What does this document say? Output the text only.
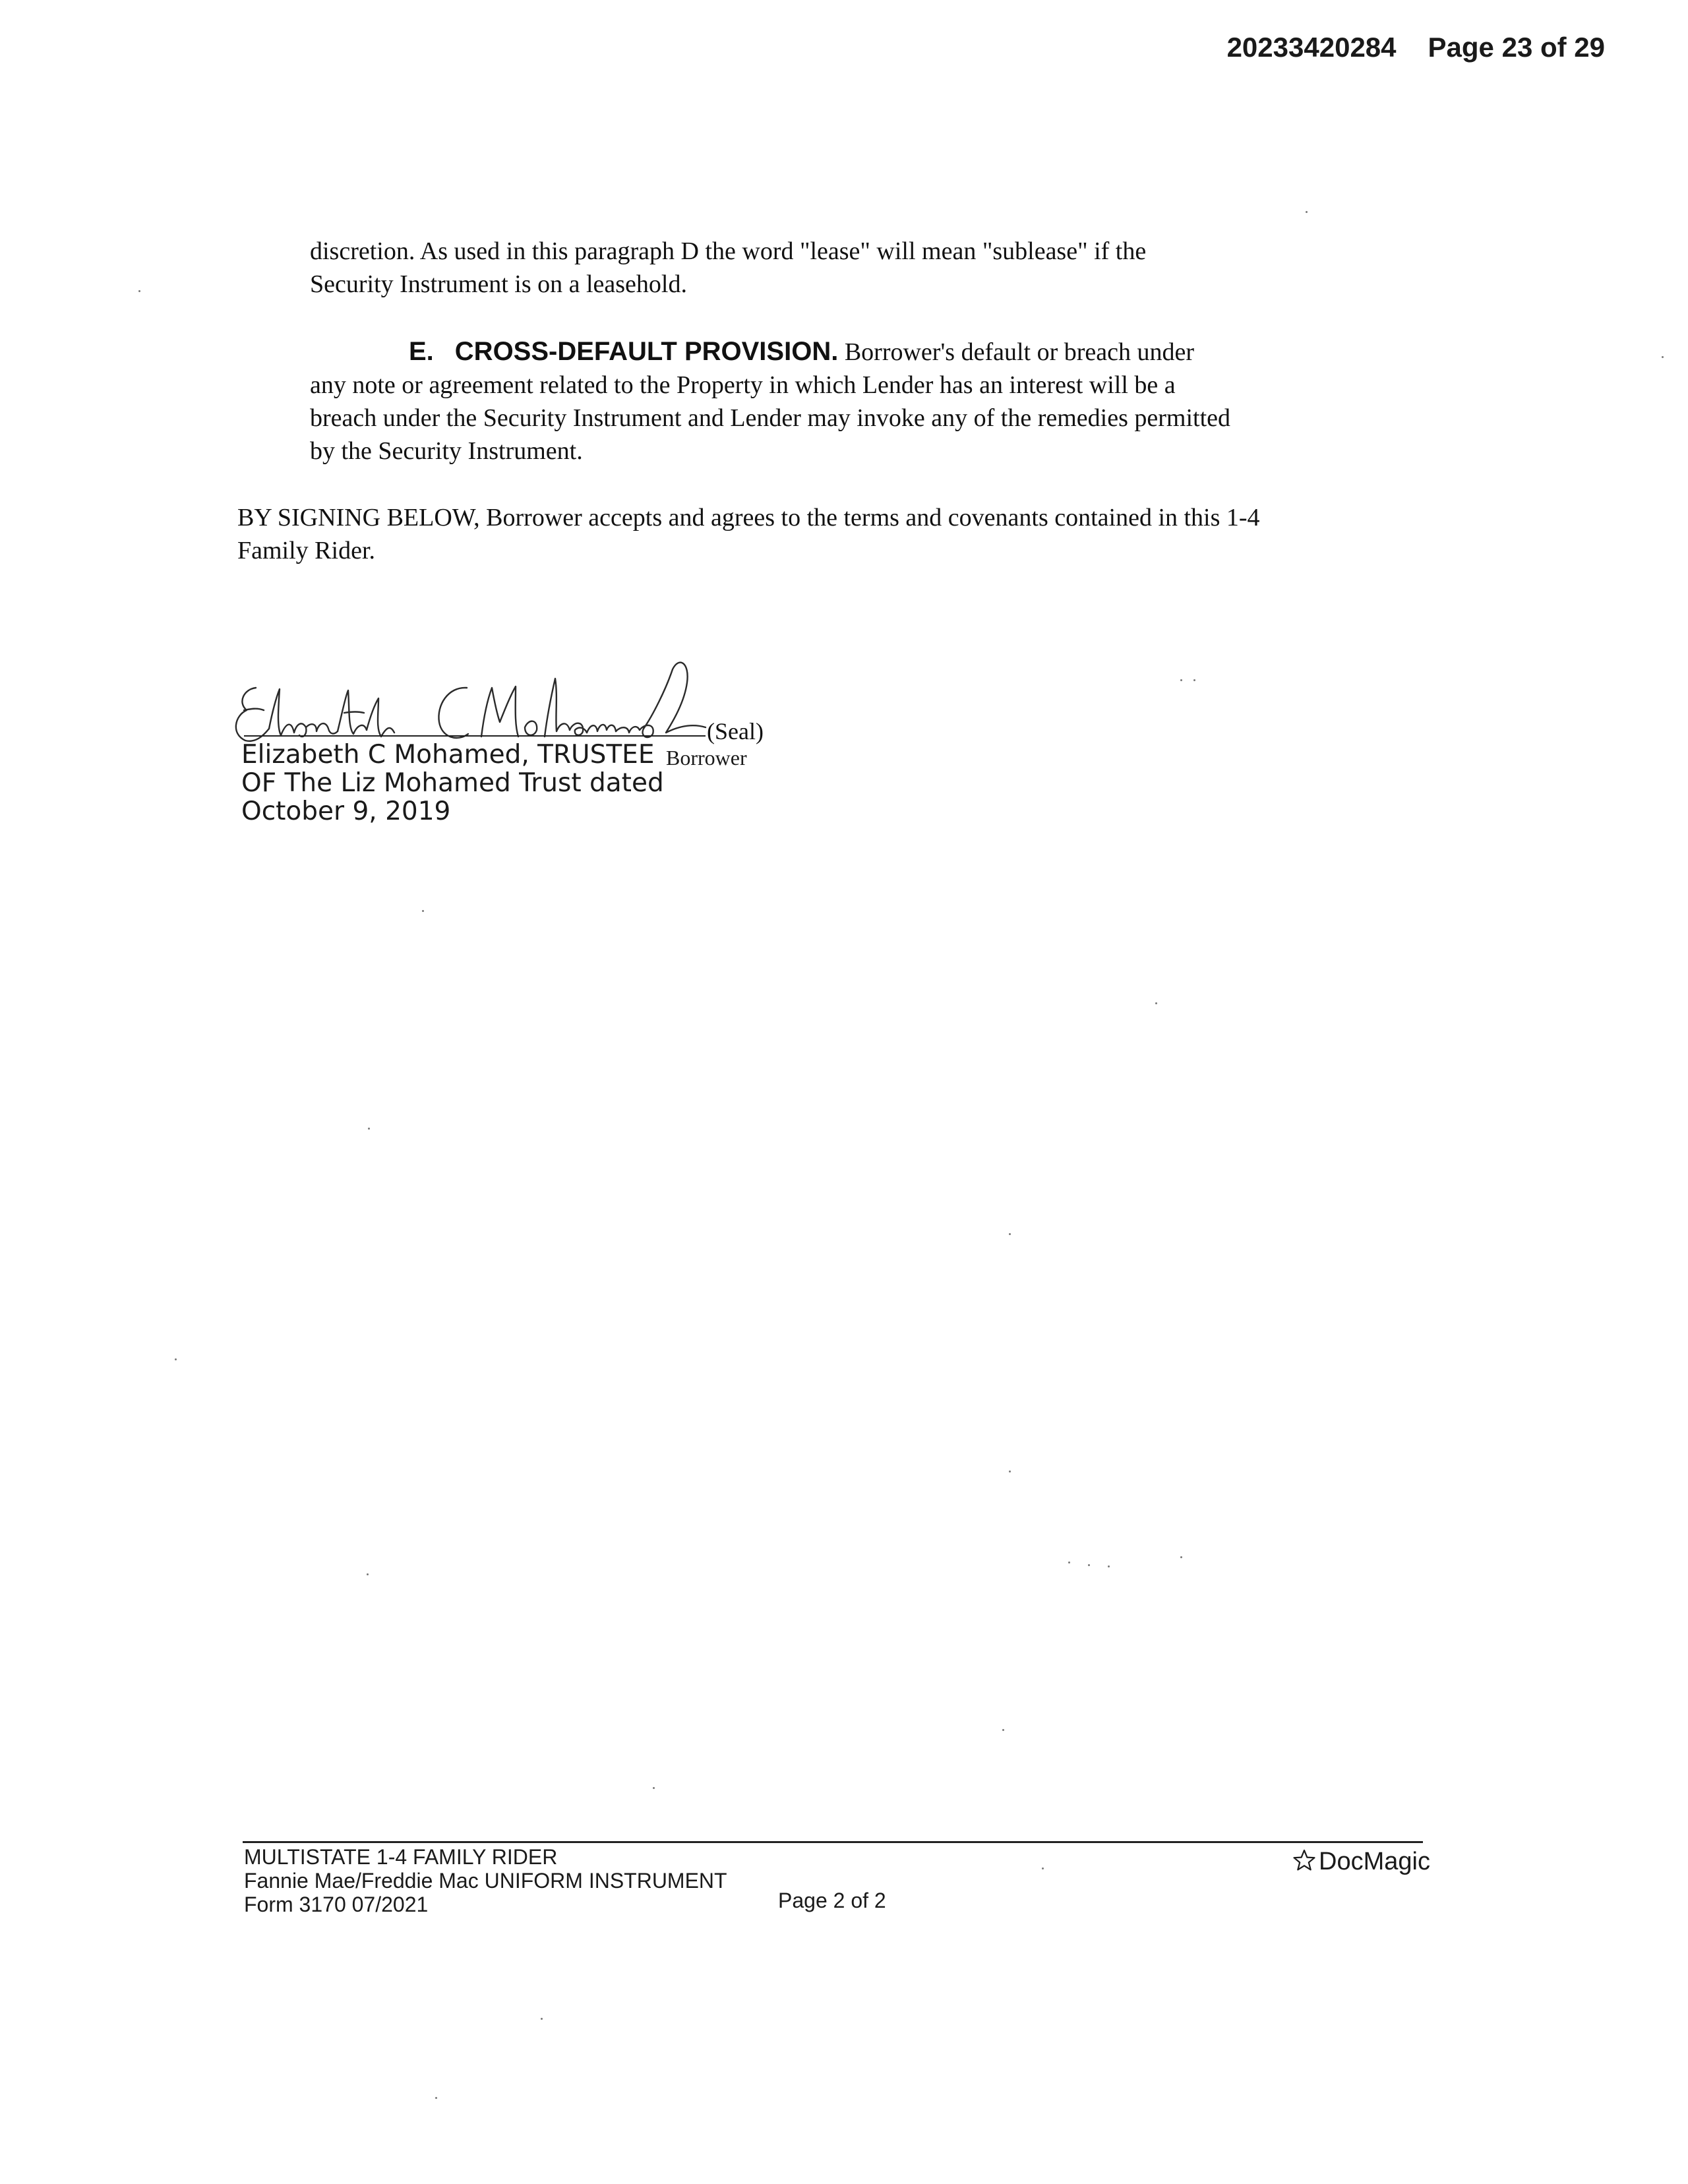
20233420284 Page 23 of 29
discretion. As used in this paragraph D the word "lease" will mean "sublease" if the
Security Instrument is on a leasehold.
E. CROSS-DEFAULT PROVISION. Borrower's default or breach under
any note or agreement related to the Property in which Lender has an interest will be a
breach under the Security Instrument and Lender may invoke any of the remedies permitted
by the Security Instrument.
BY SIGNING BELOW, Borrower accepts and agrees to the terms and covenants contained in this 1-4
Family Rider.
(Seal)
Elizabeth C Mohamed, TRUSTEE
OF The Liz Mohamed Trust dated
October 9, 2019
Borrower
MULTISTATE 1-4 FAMILY RIDER
Fannie Mae/Freddie Mac UNIFORM INSTRUMENT
Form 3170 07/2021	Page 2 of 2
DocMagic
